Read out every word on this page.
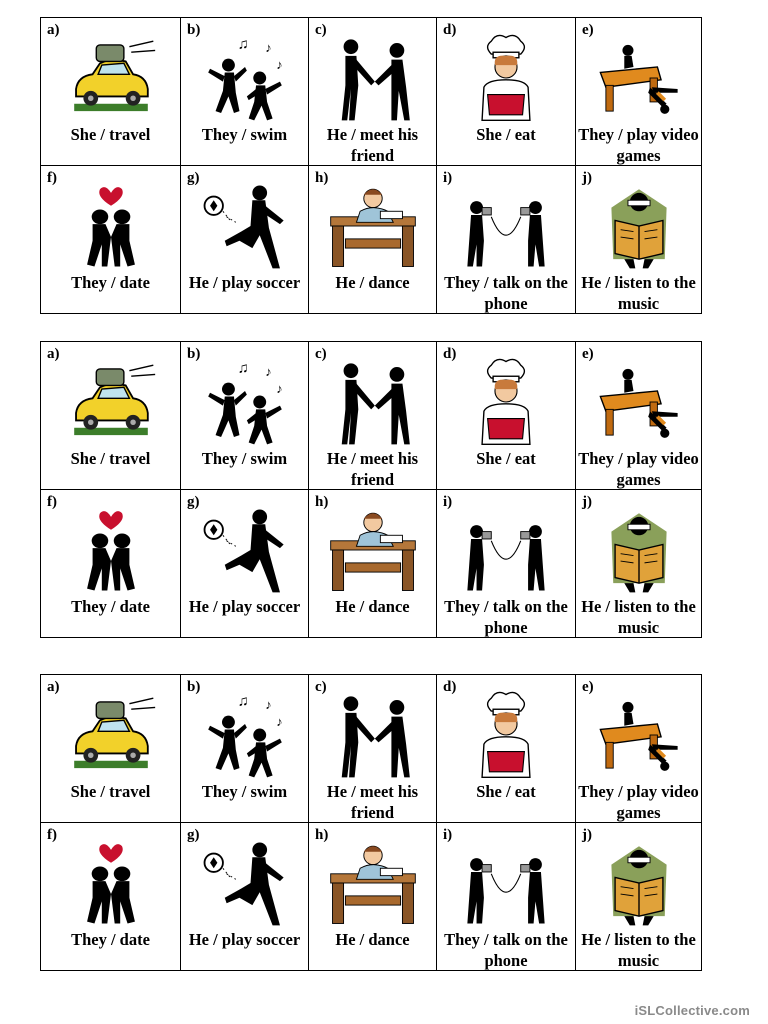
a)
She / travel
b)
♫ ♪
♪
They / swim
c)
He / meet his friend
d)
She / eat
e)
They / play video games
f)
They / date
g)
He / play soccer
h)
He / dance
i)
They / talk on the phone
j)
He / listen to the music
a)
She / travel
b)
♫ ♪
♪
They / swim
c)
He / meet his friend
d)
She / eat
e)
They / play video games
f)
They / date
g)
He / play soccer
h)
He / dance
i)
They / talk on the phone
j)
He / listen to the music
a)
She / travel
b)
♫ ♪
♪
They / swim
c)
He / meet his friend
d)
She / eat
e)
They / play video games
f)
They / date
g)
He / play soccer
h)
He / dance
i)
They / talk on the phone
j)
He / listen to the music
iSLCollective.com
